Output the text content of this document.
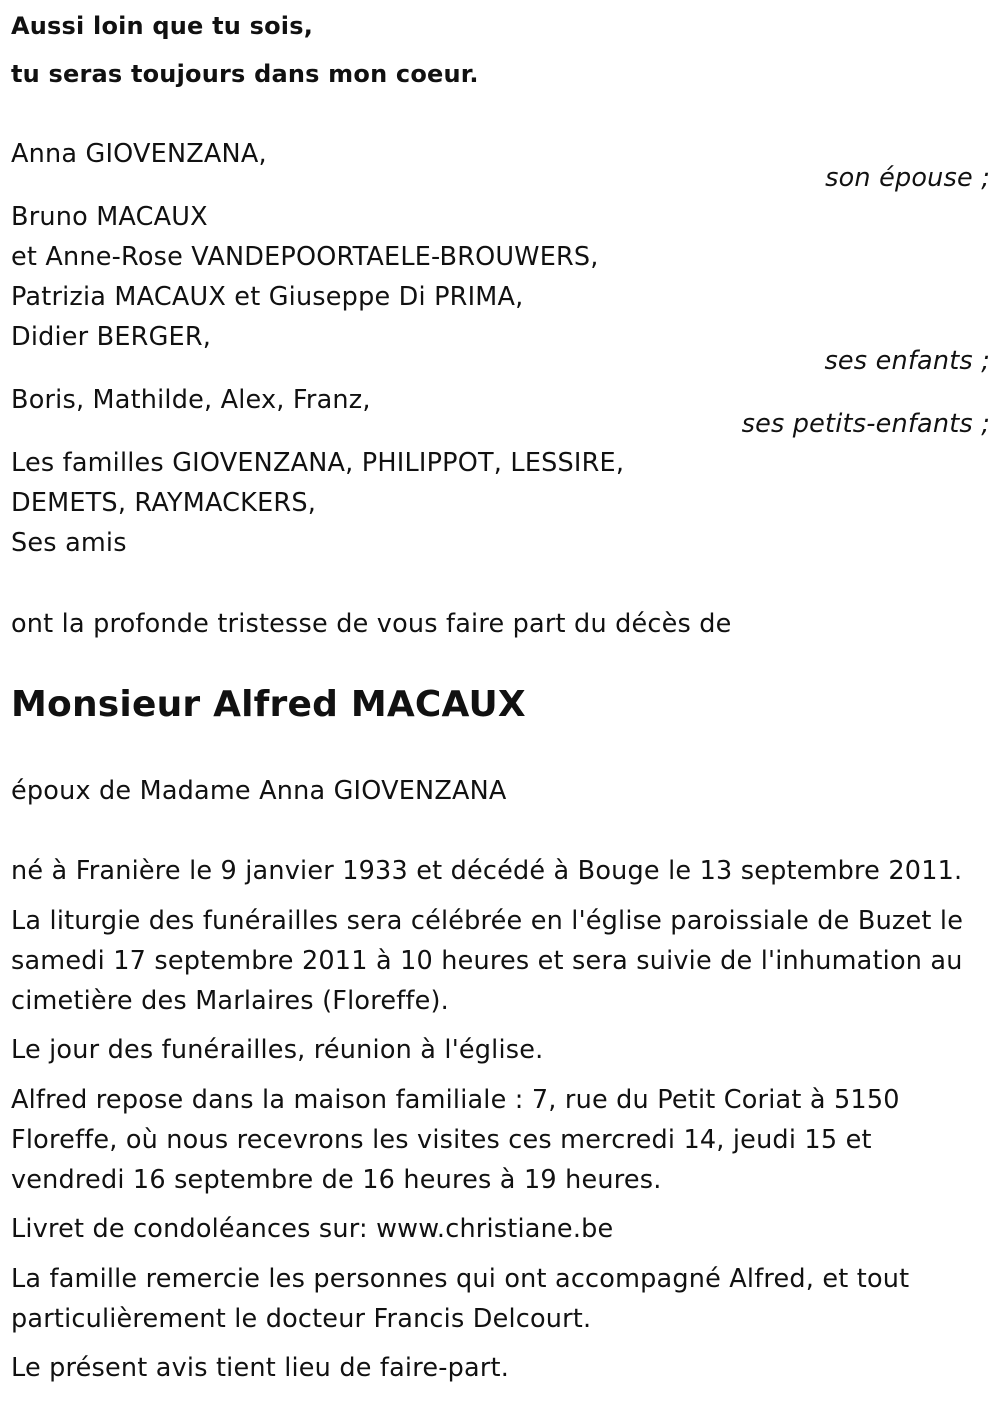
Aussi loin que tu sois,
tu seras toujours dans mon coeur.
Anna GIOVENZANA,
son épouse ;
Bruno MACAUX
et Anne-Rose VANDEPOORTAELE-BROUWERS,
Patrizia MACAUX et Giuseppe Di PRIMA,
Didier BERGER,
ses enfants ;
Boris, Mathilde, Alex, Franz,
ses petits-enfants ;
Les familles GIOVENZANA, PHILIPPOT, LESSIRE,
DEMETS, RAYMACKERS,
Ses amis
ont la profonde tristesse de vous faire part du décès de
Monsieur Alfred MACAUX
époux de Madame Anna GIOVENZANA
né à Franière le 9 janvier 1933 et décédé à Bouge le 13 septembre 2011.
La liturgie des funérailles sera célébrée en l'église paroissiale de Buzet le
samedi 17 septembre 2011 à 10 heures et sera suivie de l'inhumation au
cimetière des Marlaires (Floreffe).
Le jour des funérailles, réunion à l'église.
Alfred repose dans la maison familiale : 7, rue du Petit Coriat à 5150
Floreffe, où nous recevrons les visites ces mercredi 14, jeudi 15 et
vendredi 16 septembre de 16 heures à 19 heures.
Livret de condoléances sur: www.christiane.be
La famille remercie les personnes qui ont accompagné Alfred, et tout
particulièrement le docteur Francis Delcourt.
Le présent avis tient lieu de faire-part.
